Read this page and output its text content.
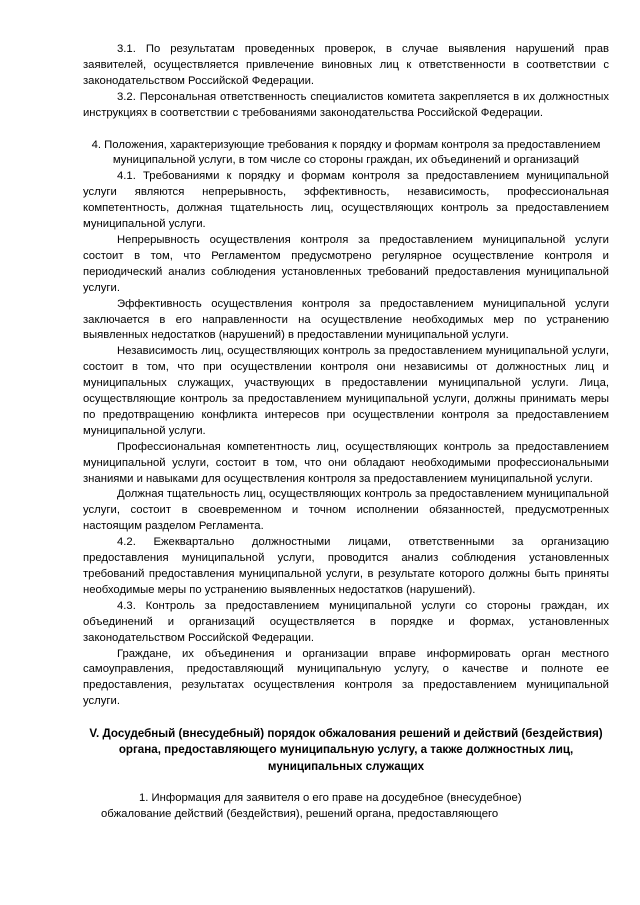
3.1. По результатам проведенных проверок, в случае выявления нарушений прав заявителей, осуществляется привлечение виновных лиц к ответственности в соответствии с законодательством Российской Федерации.

3.2. Персональная ответственность специалистов комитета закрепляется в их должностных инструкциях в соответствии с требованиями законодательства Российской Федерации.

4. Положения, характеризующие требования к порядку и формам контроля за предоставлением муниципальной услуги, в том числе со стороны граждан, их объединений и организаций

4.1. Требованиями к порядку и формам контроля за предоставлением муниципальной услуги являются непрерывность, эффективность, независимость, профессиональная компетентность, должная тщательность лиц, осуществляющих контроль за предоставлением муниципальной услуги.

Непрерывность осуществления контроля за предоставлением муниципальной услуги состоит в том, что Регламентом предусмотрено регулярное осуществление контроля и периодический анализ соблюдения установленных требований предоставления муниципальной услуги.

Эффективность осуществления контроля за предоставлением муниципальной услуги заключается в его направленности на осуществление необходимых мер по устранению выявленных недостатков (нарушений) в предоставлении муниципальной услуги.

Независимость лиц, осуществляющих контроль за предоставлением муниципальной услуги, состоит в том, что при осуществлении контроля они независимы от должностных лиц и муниципальных служащих, участвующих в предоставлении муниципальной услуги. Лица, осуществляющие контроль за предоставлением муниципальной услуги, должны принимать меры по предотвращению конфликта интересов при осуществлении контроля за предоставлением муниципальной услуги.

Профессиональная компетентность лиц, осуществляющих контроль за предоставлением муниципальной услуги, состоит в том, что они обладают необходимыми профессиональными знаниями и навыками для осуществления контроля за предоставлением муниципальной услуги.

Должная тщательность лиц, осуществляющих контроль за предоставлением муниципальной услуги, состоит в своевременном и точном исполнении обязанностей, предусмотренных настоящим разделом Регламента.

4.2. Ежеквартально должностными лицами, ответственными за организацию предоставления муниципальной услуги, проводится анализ соблюдения установленных требований предоставления муниципальной услуги, в результате которого должны быть приняты необходимые меры по устранению выявленных недостатков (нарушений).

4.3. Контроль за предоставлением муниципальной услуги со стороны граждан, их объединений и организаций осуществляется в порядке и формах, установленных законодательством Российской Федерации.

Граждане, их объединения и организации вправе информировать орган местного самоуправления, предоставляющий муниципальную услугу, о качестве и полноте ее предоставления, результатах осуществления контроля за предоставлением муниципальной услуги.

V. Досудебный (внесудебный) порядок обжалования решений и действий (бездействия) органа, предоставляющего муниципальную услугу, а также должностных лиц, муниципальных служащих

1. Информация для заявителя о его праве на досудебное (внесудебное)
обжалование действий (бездействия), решений органа, предоставляющего
